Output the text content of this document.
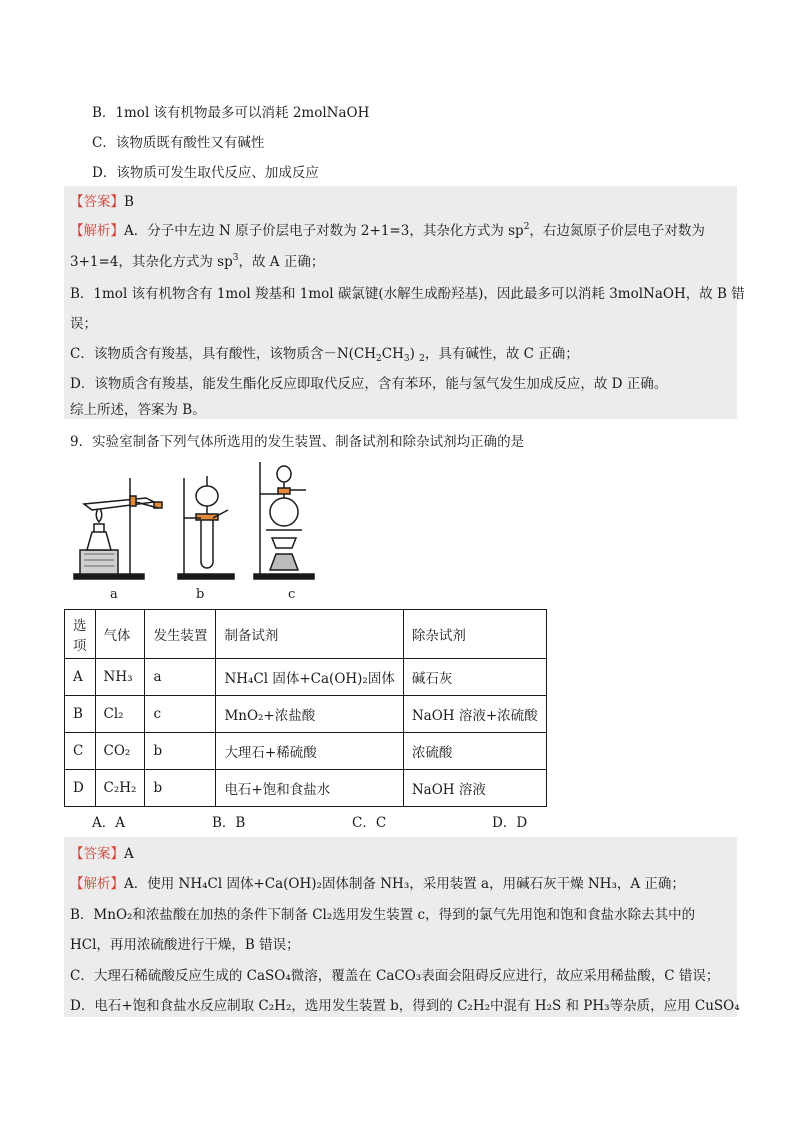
B．1mol 该有机物最多可以消耗 2molNaOH
C．该物质既有酸性又有碱性
D．该物质可发生取代反应、加成反应
【答案】B
【解析】A．分子中左边 N 原子价层电子对数为 2+1=3，其杂化方式为 $sp^2$，右边氮原子价层电子对数为
3+1=4，其杂化方式为 $sp^3$，故 A 正确；
B．1mol 该有机物含有 1mol 羧基和 1mol 碳氯键(水解生成酚羟基)，因此最多可以消耗 3molNaOH，故 B 错
误；
C．该物质含有羧基，具有酸性，该物质含$-N(CH_2CH_3)$ $_2$，具有碱性，故 C 正确；
D．该物质含有羧基，能发生酯化反应即取代反应，含有苯环，能与氢气发生加成反应，故 D 正确。
综上所述，答案为 B。
9．实验室制备下列气体所选用的发生装置、制备试剂和除杂试剂均正确的是
a	b	c
选
项	气体	发生装置	制备试剂	除杂试剂
A	NH₃	a	NH₄Cl 固体+Ca(OH)₂固体	碱石灰
B	Cl₂	c	MnO₂+浓盐酸	NaOH 溶液+浓硫酸
C	CO₂	b	大理石+稀硫酸	浓硫酸
D	C₂H₂	b	电石+饱和食盐水	NaOH 溶液
A．A	B．B	C．C	D．D
【答案】A
【解析】A．使用 NH₄Cl 固体+Ca(OH)₂固体制备 NH₃，采用装置 a，用碱石灰干燥 NH₃，A 正确；
B．MnO₂和浓盐酸在加热的条件下制备 Cl₂选用发生装置 c，得到的氯气先用饱和饱和食盐水除去其中的
HCl，再用浓硫酸进行干燥，B 错误；
C．大理石稀硫酸反应生成的 CaSO₄微溶，覆盖在 CaCO₃表面会阻碍反应进行，故应采用稀盐酸，C 错误；
D．电石+饱和食盐水反应制取 C₂H₂，选用发生装置 b，得到的 C₂H₂中混有 H₂S 和 PH₃等杂质，应用 CuSO₄
